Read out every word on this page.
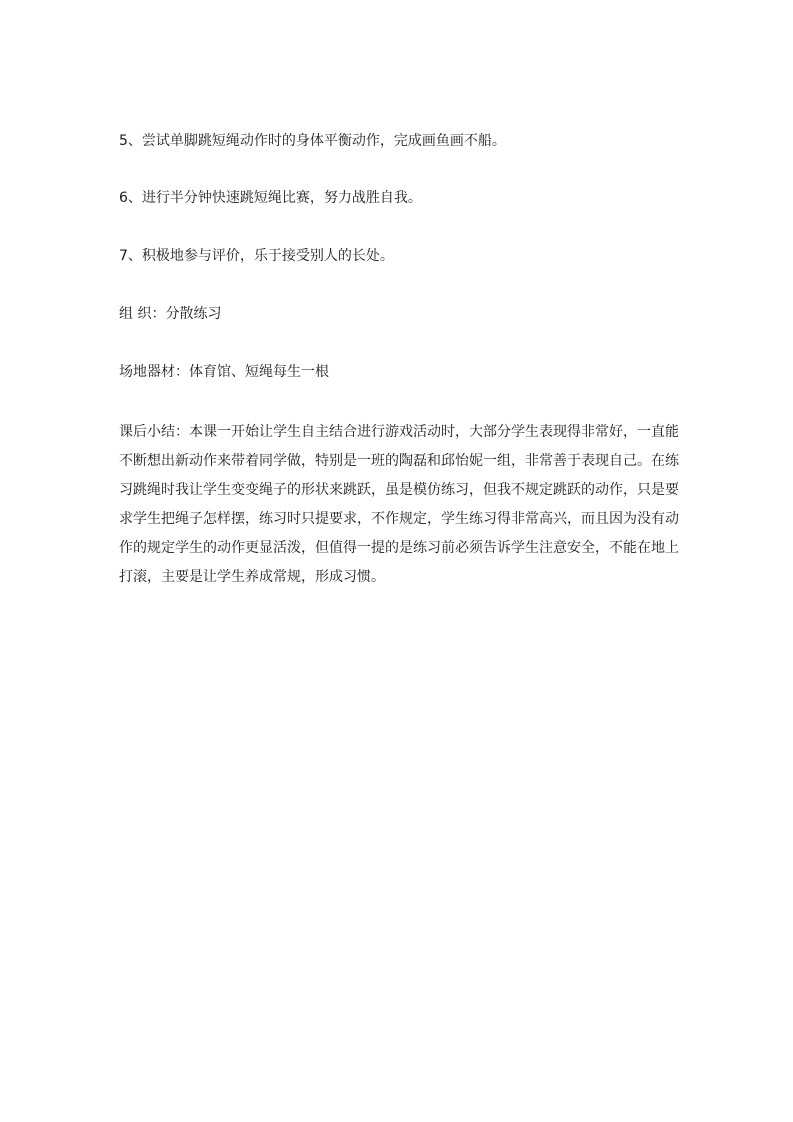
5、尝试单脚跳短绳动作时的身体平衡动作，完成画鱼画不船。

6、进行半分钟快速跳短绳比赛，努力战胜自我。

7、积极地参与评价，乐于接受别人的长处。

组 织：分散练习

场地器材：体育馆、短绳每生一根

课后小结：本课一开始让学生自主结合进行游戏活动时，大部分学生表现得非常好，一直能
不断想出新动作来带着同学做，特别是一班的陶磊和邱怡妮一组，非常善于表现自己。在练
习跳绳时我让学生变变绳子的形状来跳跃，虽是模仿练习，但我不规定跳跃的动作，只是要
求学生把绳子怎样摆，练习时只提要求，不作规定，学生练习得非常高兴，而且因为没有动
作的规定学生的动作更显活泼，但值得一提的是练习前必须告诉学生注意安全，不能在地上
打滚，主要是让学生养成常规，形成习惯。
